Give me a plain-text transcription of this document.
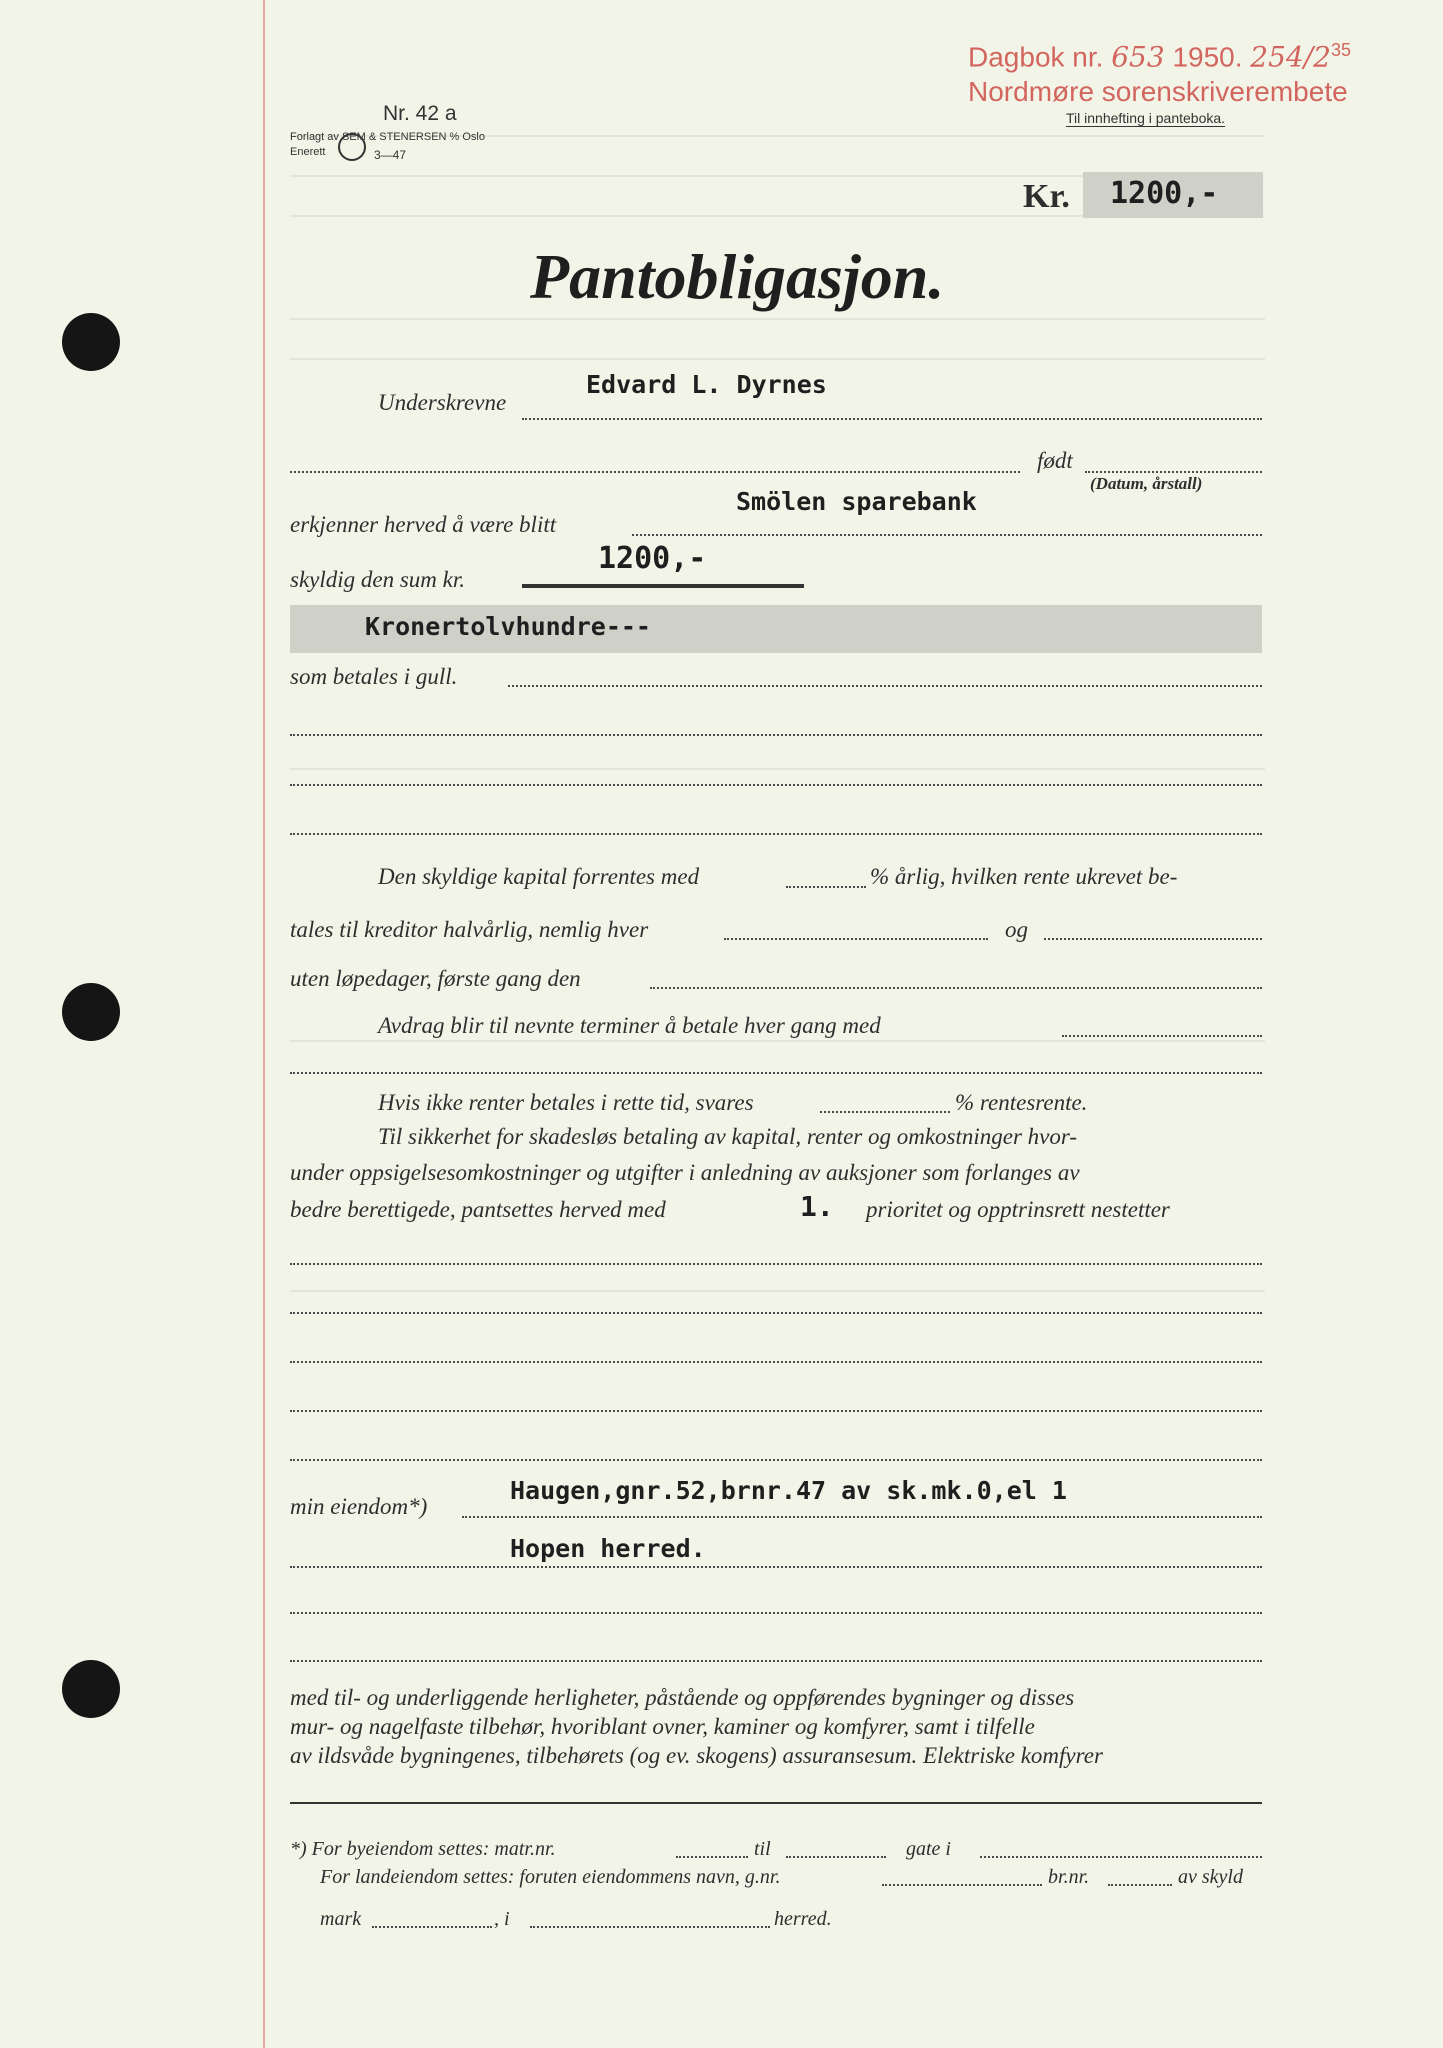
Dagbok nr. 653 1950. $254/2^{35}$
Nordmøre sorenskriverembete
Til innhefting i panteboka.
Nr. 42 a
Forlagt av SEM & STENERSEN % Oslo
Enerett	3—47
Kr. 1200,-
Pantobligasjon.
Underskrevne
Edvard L. Dyrnes
født
(Datum, årstall)
Smölen sparebank
erkjenner herved å være blitt
skyldig den sum kr.
1200,-
Kronertolvhundre---
som betales i gull.
Den skyldige kapital forrentes med	% årlig, hvilken rente ukrevet be-
tales til kreditor halvårlig, nemlig hver	og
uten løpedager, første gang den
Avdrag blir til nevnte terminer å betale hver gang med
Hvis ikke renter betales i rette tid, svares	% rentesrente.
Til sikkerhet for skadesløs betaling av kapital, renter og omkostninger hvor-
under oppsigelsesomkostninger og utgifter i anledning av auksjoner som forlanges av
bedre berettigede, pantsettes herved med	1. prioritet og opptrinsrett nestetter
min eiendom*)
Haugen,gnr.52,brnr.47 av sk.mk.0,el 1
Hopen herred.
med til- og underliggende herligheter, påstående og oppførendes bygninger og disses
mur- og nagelfaste tilbehør, hvoriblant ovner, kaminer og komfyrer, samt i tilfelle
av ildsvåde bygningenes, tilbehørets (og ev. skogens) assuransesum. Elektriske komfyrer
*) For byeiendom settes: matr.nr.	til	gate i
For landeiendom settes: foruten eiendommens navn, g.nr.	br.nr.	av skyld
mark	, i	herred.
